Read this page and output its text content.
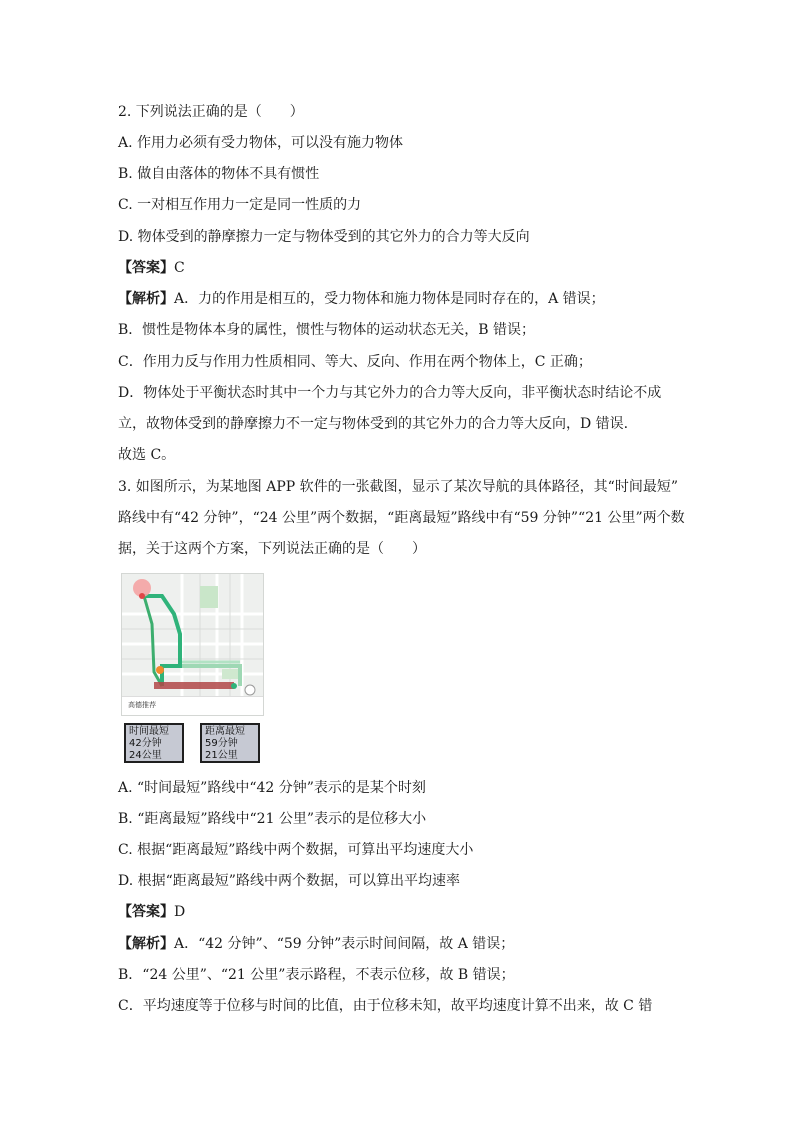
2. 下列说法正确的是（　　）
A. 作用力必须有受力物体，可以没有施力物体
B. 做自由落体的物体不具有惯性
C. 一对相互作用力一定是同一性质的力
D. 物体受到的静摩擦力一定与物体受到的其它外力的合力等大反向
【答案】C
【解析】A．力的作用是相互的，受力物体和施力物体是同时存在的，A 错误；
B．惯性是物体本身的属性，惯性与物体的运动状态无关，B 错误；
C．作用力反与作用力性质相同、等大、反向、作用在两个物体上，C 正确；
D．物体处于平衡状态时其中一个力与其它外力的合力等大反向，非平衡状态时结论不成
立，故物体受到的静摩擦力不一定与物体受到的其它外力的合力等大反向，D 错误.
故选 C。
3. 如图所示，为某地图 APP 软件的一张截图，显示了某次导航的具体路径，其“时间最短”
路线中有“42 分钟”，“24 公里”两个数据，“距离最短”路线中有“59 分钟”“21 公里”两个数
据，关于这两个方案，下列说法正确的是（　　）
高德推荐
时间最短
42分钟
24公里
距离最短
59分钟
21公里
A. “时间最短”路线中“42 分钟”表示的是某个时刻
B. “距离最短”路线中“21 公里”表示的是位移大小
C. 根据“距离最短”路线中两个数据，可算出平均速度大小
D. 根据“距离最短”路线中两个数据，可以算出平均速率
【答案】D
【解析】A．“42 分钟”、“59 分钟”表示时间间隔，故 A 错误；
B．“24 公里”、“21 公里”表示路程，不表示位移，故 B 错误；
C．平均速度等于位移与时间的比值，由于位移未知，故平均速度计算不出来，故 C 错
